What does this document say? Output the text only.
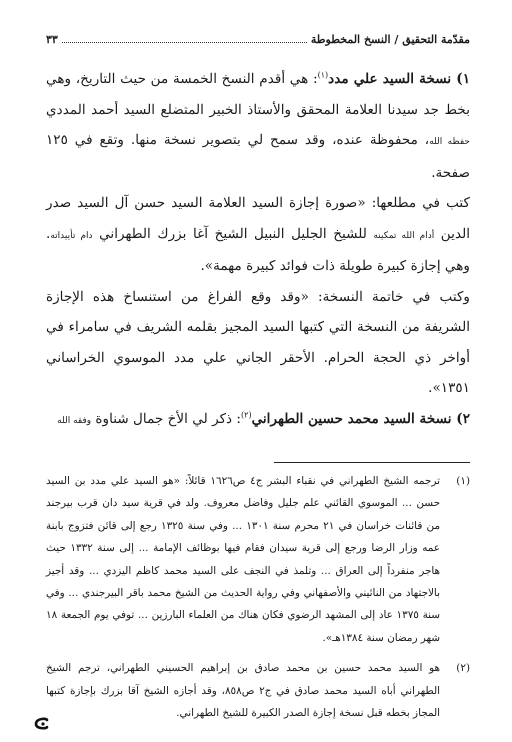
مقدّمة التحقيق / النسخ المخطوطة
٣٣

١) نسخة السيد علي مدد$^{(١)}$: هي أقدم النسخ الخمسة من حيث التاريخ، وهي بخط جد سيدنا العلامة المحقق والأستاذ الخبير المتضلع السيد أحمد المددي حفظه الله، محفوظة عنده، وقد سمح لي بتصوير نسخة منها. وتقع في ١٢٥ صفحة.

كتب في مطلعها: «صورة إجازة السيد العلامة السيد حسن آل السيد صدر الدين أدام الله تمكينه للشيخ الجليل النبيل الشيخ آغا بزرك الطهراني دام تأييداته. وهي إجازة كبيرة طويلة ذات فوائد كبيرة مهمة».

وكتب في خاتمة النسخة: «وقد وقع الفراغ من استنساخ هذه الإجازة الشريفة من النسخة التي كتبها السيد المجيز بقلمه الشريف في سامراء في أواخر ذي الحجة الحرام. الأحقر الجاني علي مدد الموسوي الخراساني ١٣٥١».

٢) نسخة السيد محمد حسين الطهراني$^{(٢)}$: ذكر لي الأخ جمال شناوة وفقه الله

(١)
ترجمه الشيخ الطهراني في نقباء البشر ج٤ ص١٦٢٦ قائلاً: «هو السيد علي مدد بن السيد حسن ... الموسوي القائني علم جليل وفاضل معروف. ولد في قرية سيد دان قرب بيرجند من قائنات خراسان في ٢١ محرم سنة ١٣٠١ ... وفي سنة ١٣٢٥ رجع إلى قائن فتزوج بابنة عمه وزار الرضا ورجع إلى قرية سيدان فقام فيها بوظائف الإمامة ... إلى سنة ١٣٣٢ حيث هاجر منفرداً إلى العراق ... وتلمذ في النجف على السيد محمد كاظم اليزدي ... وقد أجيز بالاجتهاد من النائيني والأصفهاني وفي رواية الحديث من الشيخ محمد باقر البيرجندي ... وفي سنة ١٣٧٥ عاد إلى المشهد الرضوي فكان هناك من العلماء البارزين ... توفي يوم الجمعة ١٨ شهر رمضان سنة ١٣٨٤هـ».
(٢)
هو السيد محمد حسين بن محمد صادق بن إبراهيم الحسيني الطهراني، ترجم الشيخ الطهراني أباه السيد محمد صادق في ج٢ ص٨٥٨، وقد أجازه الشيخ آقا بزرك بإجازة كتبها المجاز بخطه قبل نسخة إجازة الصدر الكبيرة للشيخ الطهراني.
